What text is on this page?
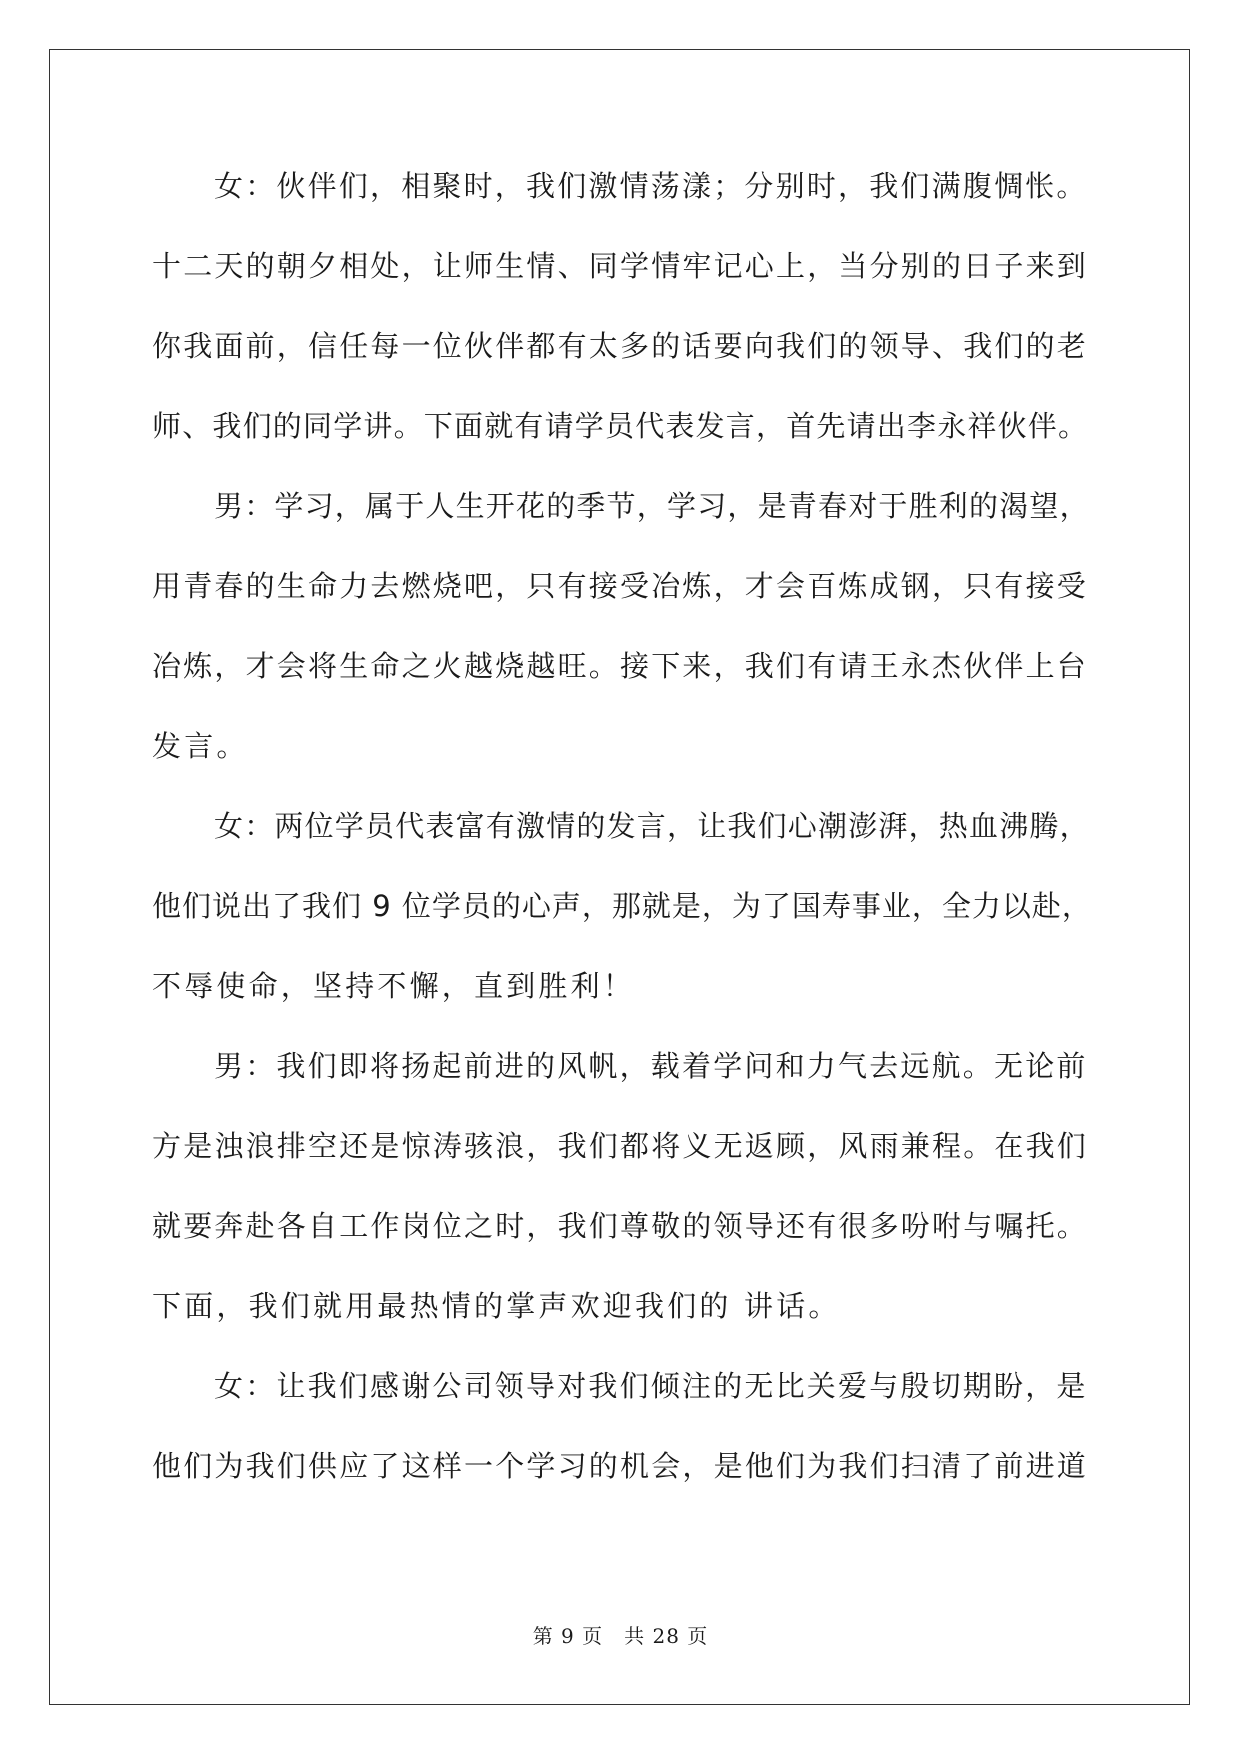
女：伙伴们，相聚时，我们激情荡漾；分别时，我们满腹惆怅。
十二天的朝夕相处，让师生情、同学情牢记心上，当分别的日子来到
你我面前，信任每一位伙伴都有太多的话要向我们的领导、我们的老
师、我们的同学讲。下面就有请学员代表发言，首先请出李永祥伙伴。
男：学习，属于人生开花的季节，学习，是青春对于胜利的渴望，
用青春的生命力去燃烧吧，只有接受冶炼，才会百炼成钢，只有接受
冶炼，才会将生命之火越烧越旺。接下来，我们有请王永杰伙伴上台
发言。
女：两位学员代表富有激情的发言，让我们心潮澎湃，热血沸腾，
他们说出了我们 9 位学员的心声，那就是，为了国寿事业，全力以赴，
不辱使命，坚持不懈，直到胜利！
男：我们即将扬起前进的风帆，载着学问和力气去远航。无论前
方是浊浪排空还是惊涛骇浪，我们都将义无返顾，风雨兼程。在我们
就要奔赴各自工作岗位之时，我们尊敬的领导还有很多吩咐与嘱托。
下面，我们就用最热情的掌声欢迎我们的 讲话。
女：让我们感谢公司领导对我们倾注的无比关爱与殷切期盼，是
他们为我们供应了这样一个学习的机会，是他们为我们扫清了前进道
第 9 页　共 28 页
